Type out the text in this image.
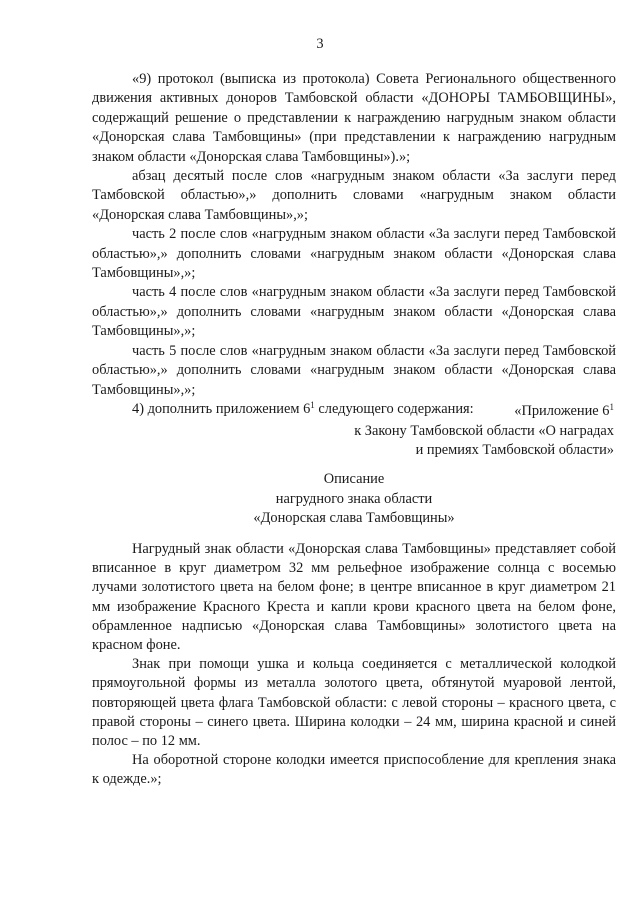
3

«9) протокол (выписка из протокола) Совета Регионального общественного движения активных доноров Тамбовской области «ДОНОРЫ ТАМБОВЩИНЫ», содержащий решение о представлении к награждению нагрудным знаком области «Донорская слава Тамбовщины» (при представлении к награждению нагрудным знаком области «Донорская слава Тамбовщины»).»;

абзац десятый после слов «нагрудным знаком области «За заслуги перед Тамбовской областью»,» дополнить словами «нагрудным знаком области «Донорская слава Тамбовщины»,»;

часть 2 после слов «нагрудным знаком области «За заслуги перед Тамбовской областью»,» дополнить словами «нагрудным знаком области «Донорская слава Тамбовщины»,»;

часть 4 после слов «нагрудным знаком области «За заслуги перед Тамбовской областью»,» дополнить словами «нагрудным знаком области «Донорская слава Тамбовщины»,»;

часть 5 после слов «нагрудным знаком области «За заслуги перед Тамбовской областью»,» дополнить словами «нагрудным знаком области «Донорская слава Тамбовщины»,»;

4) дополнить приложением $6^1$ следующего содержания:	«Приложение $6^1$
к Закону Тамбовской области «О наградах
и премиях Тамбовской области»
Описание
нагрудного знака области
«Донорская слава Тамбовщины»

Нагрудный знак области «Донорская слава Тамбовщины» представляет собой вписанное в круг диаметром 32 мм рельефное изображение солнца с восемью лучами золотистого цвета на белом фоне; в центре вписанное в круг диаметром 21 мм изображение Красного Креста и капли крови красного цвета на белом фоне, обрамленное надписью «Донорская слава Тамбовщины» золотистого цвета на красном фоне.

Знак при помощи ушка и кольца соединяется с металлической колодкой прямоугольной формы из металла золотого цвета, обтянутой муаровой лентой, повторяющей цвета флага Тамбовской области: с левой стороны – красного цвета, с правой стороны – синего цвета. Ширина колодки – 24 мм, ширина красной и синей полос – по 12 мм.

На оборотной стороне колодки имеется приспособление для крепления знака к одежде.»;
